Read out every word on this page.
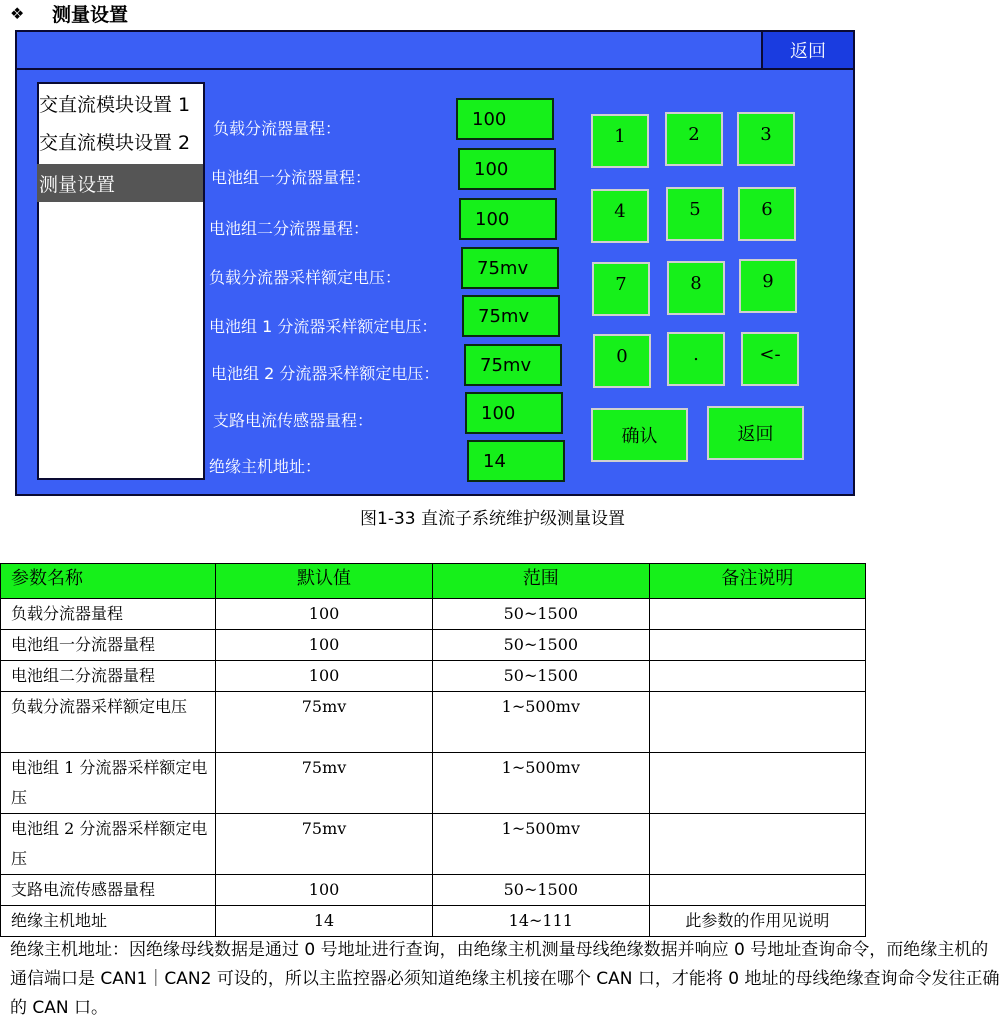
❖	测量设置
返回
交直流模块设置 1
交直流模块设置 2
测量设置
负载分流器量程：
电池组一分流器量程：
电池组二分流器量程：
负载分流器采样额定电压：
电池组 1 分流器采样额定电压：
电池组 2 分流器采样额定电压：
支路电流传感器量程：
绝缘主机地址：
100
100
100
75mv
75mv
75mv
100
14
1	2	3
4	5	6
7	8	9
0	.	<-
确认	返回
图1-33 直流子系统维护级测量设置
参数名称	默认值	范围	备注说明
负载分流器量程	100	50~1500	
电池组一分流器量程	100	50~1500	
电池组二分流器量程	100	50~1500	
负载分流器采样额定电压	75mv	1~500mv	
电池组 1 分流器采样额定电压	75mv	1~500mv	
电池组 2 分流器采样额定电压	75mv	1~500mv	
支路电流传感器量程	100	50~1500	
绝缘主机地址	14	14~111	此参数的作用见说明
绝缘主机地址：因绝缘母线数据是通过 0 号地址进行查询，由绝缘主机测量母线绝缘数据并响应 0 号地址查询命令，而绝缘主机的通信端口是 CAN1｜CAN2 可设的，所以主监控器必须知道绝缘主机接在哪个 CAN 口，才能将 0 地址的母线绝缘查询命令发往正确的 CAN 口。
